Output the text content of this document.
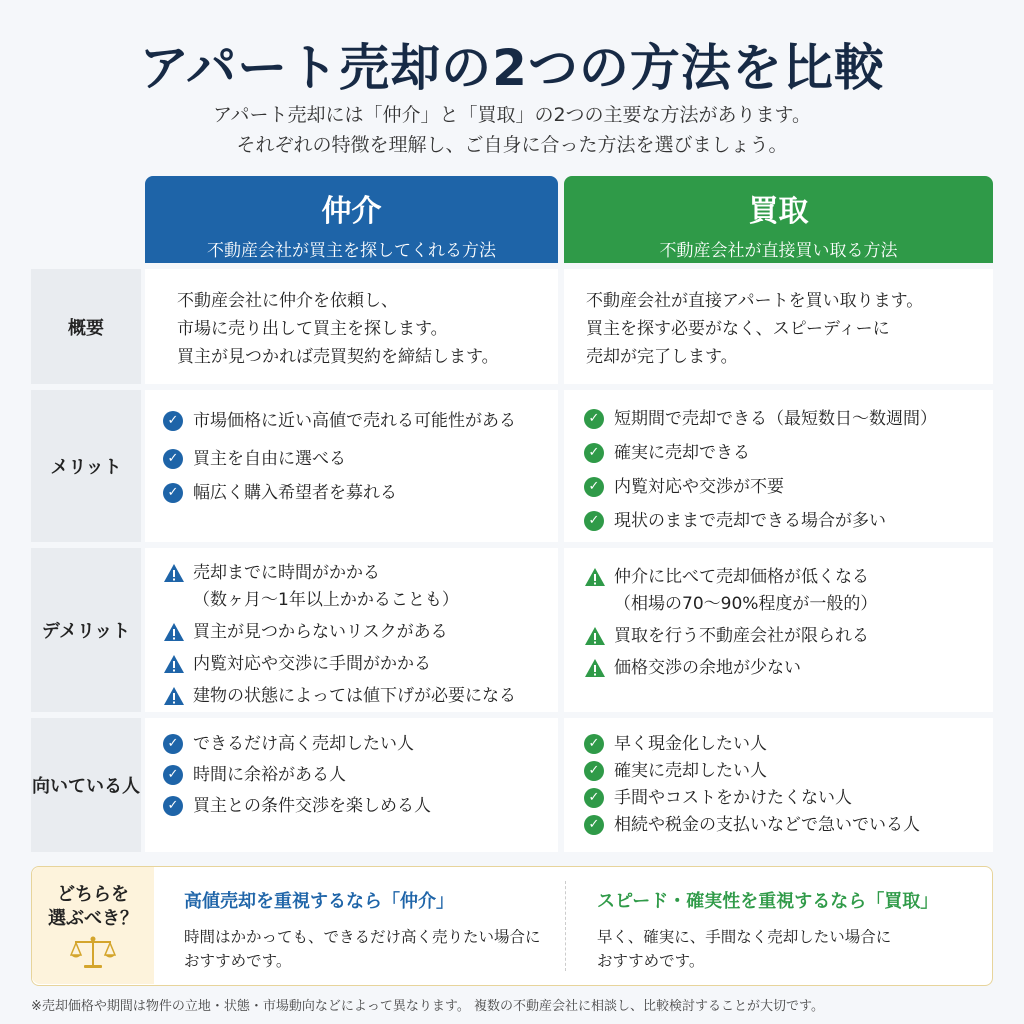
アパート売却の2つの方法を比較
アパート売却には「仲介」と「買取」の2つの主要な方法があります。
それぞれの特徴を理解し、ご自身に合った方法を選びましょう。
仲介
不動産会社が買主を探してくれる方法
買取
不動産会社が直接買い取る方法
概要
不動産会社に仲介を依頼し、
市場に売り出して買主を探します。
買主が見つかれば売買契約を締結します。
不動産会社が直接アパートを買い取ります。
買主を探す必要がなく、スピーディーに
売却が完了します。
メリット
✓ 市場価格に近い高値で売れる可能性がある
✓ 買主を自由に選べる
✓ 幅広く購入希望者を募れる
✓ 短期間で売却できる（最短数日〜数週間）
✓ 確実に売却できる
✓ 内覧対応や交渉が不要
✓ 現状のままで売却できる場合が多い
デメリット
売却までに時間がかかる
（数ヶ月〜1年以上かかることも）
買主が見つからないリスクがある
内覧対応や交渉に手間がかかる
建物の状態によっては値下げが必要になる
仲介に比べて売却価格が低くなる
（相場の70〜90%程度が一般的）
買取を行う不動産会社が限られる
価格交渉の余地が少ない
向いている人
✓ できるだけ高く売却したい人
✓ 時間に余裕がある人
✓ 買主との条件交渉を楽しめる人
✓ 早く現金化したい人
✓ 確実に売却したい人
✓ 手間やコストをかけたくない人
✓ 相続や税金の支払いなどで急いでいる人
どちらを
選ぶべき？
高値売却を重視するなら「仲介」
時間はかかっても、できるだけ高く売りたい場合に
おすすめです。
スピード・確実性を重視するなら「買取」
早く、確実に、手間なく売却したい場合に
おすすめです。
※売却価格や期間は物件の立地・状態・市場動向などによって異なります。 複数の不動産会社に相談し、比較検討することが大切です。
